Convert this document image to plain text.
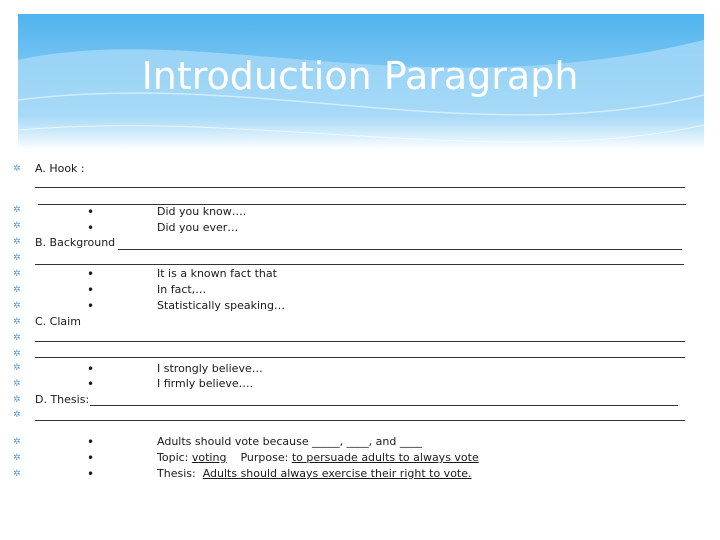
Introduction Paragraph
✲
✲
✲
✲
✲
✲
✲
✲
✲
✲
✲
✲
✲
✲
✲
✲
✲
✲
A. Hook :
•	Did you know….
•	Did you ever…
B. Background
•	It is a known fact that
•	In fact,…
•	Statistically speaking…
C. Claim
•	I strongly believe…
•	I firmly believe….
D. Thesis:
•	Adults should vote because _____, ____, and ____
•	Topic: voting Purpose: to persuade adults to always vote
•	Thesis: Adults should always exercise their right to vote.
